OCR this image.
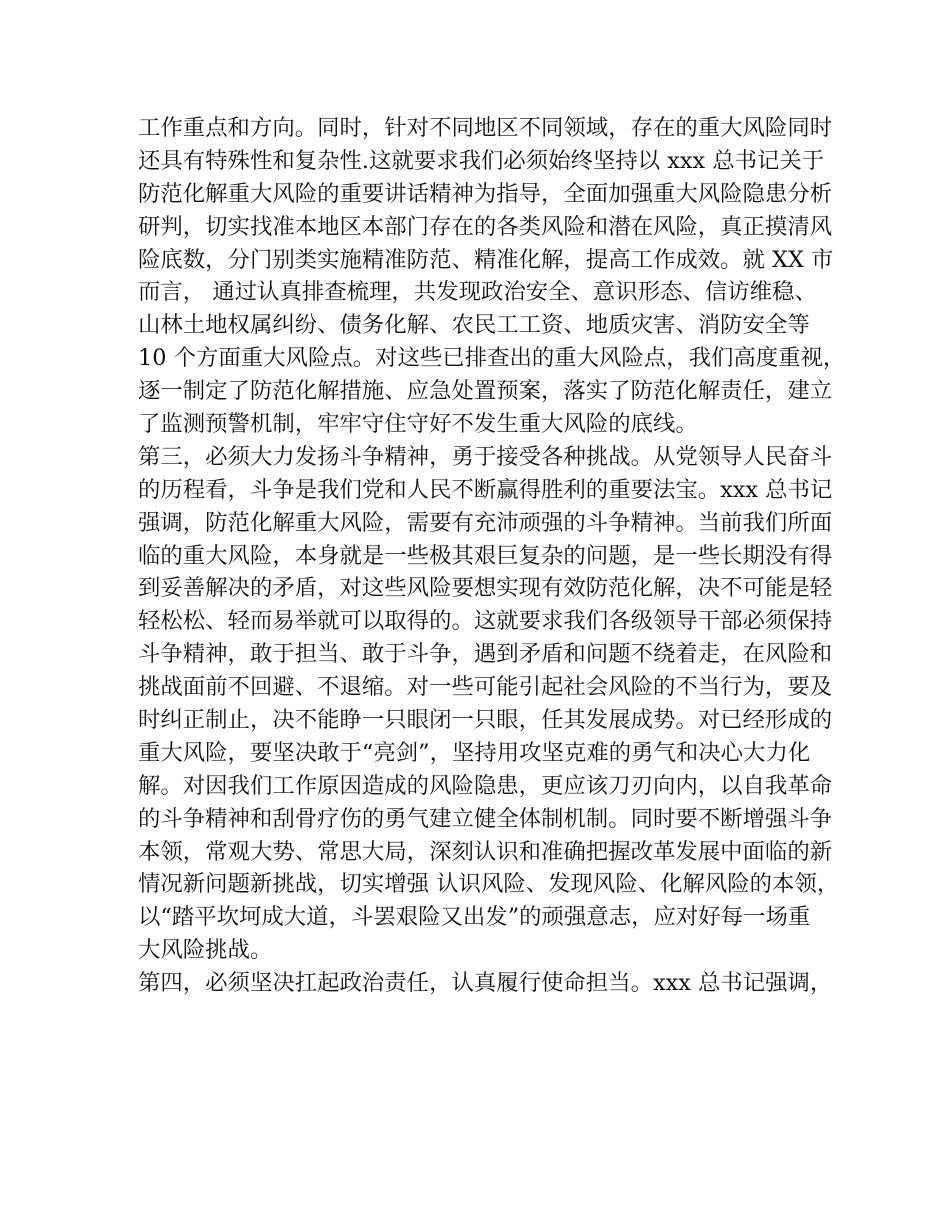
工作重点和方向。同时，针对不同地区不同领域，存在的重大风险同时
还具有特殊性和复杂性.这就要求我们必须始终坚持以 xxx 总书记关于
防范化解重大风险的重要讲话精神为指导，全面加强重大风险隐患分析
研判，切实找准本地区本部门存在的各类风险和潜在风险，真正摸清风
险底数，分门别类实施精准防范、精准化解，提高工作成效。就 XX 市
而言， 通过认真排查梳理，共发现政治安全、意识形态、信访维稳、
山林土地权属纠纷、债务化解、农民工工资、地质灾害、消防安全等
10 个方面重大风险点。对这些已排查出的重大风险点，我们高度重视，
逐一制定了防范化解措施、应急处置预案，落实了防范化解责任，建立
了监测预警机制，牢牢守住守好不发生重大风险的底线。
第三，必须大力发扬斗争精神，勇于接受各种挑战。从党领导人民奋斗
的历程看，斗争是我们党和人民不断赢得胜利的重要法宝。xxx 总书记
强调，防范化解重大风险，需要有充沛顽强的斗争精神。当前我们所面
临的重大风险，本身就是一些极其艰巨复杂的问题，是一些长期没有得
到妥善解决的矛盾，对这些风险要想实现有效防范化解，决不可能是轻
轻松松、轻而易举就可以取得的。这就要求我们各级领导干部必须保持
斗争精神，敢于担当、敢于斗争，遇到矛盾和问题不绕着走，在风险和
挑战面前不回避、不退缩。对一些可能引起社会风险的不当行为，要及
时纠正制止，决不能睁一只眼闭一只眼，任其发展成势。对已经形成的
重大风险，要坚决敢于“亮剑”，坚持用攻坚克难的勇气和决心大力化
解。对因我们工作原因造成的风险隐患，更应该刀刃向内，以自我革命
的斗争精神和刮骨疗伤的勇气建立健全体制机制。同时要不断增强斗争
本领，常观大势、常思大局，深刻认识和准确把握改革发展中面临的新
情况新问题新挑战，切实增强 认识风险、发现风险、化解风险的本领，
以“踏平坎坷成大道，斗罢艰险又出发”的顽强意志，应对好每一场重
大风险挑战。
第四，必须坚决扛起政治责任，认真履行使命担当。xxx 总书记强调，
